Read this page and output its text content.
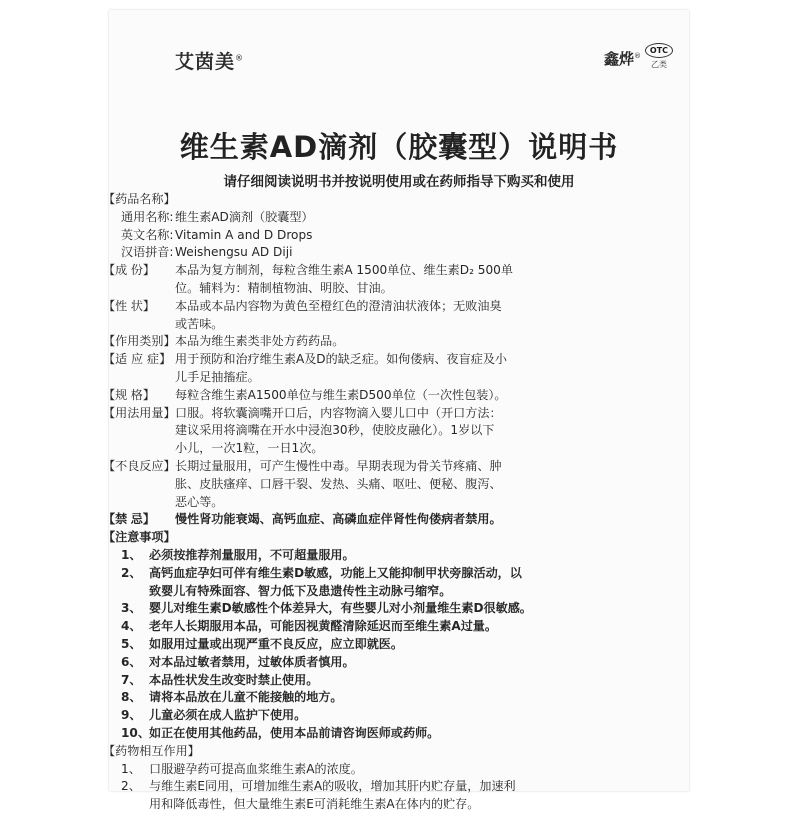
艾茵美®	鑫烨®
OTC
乙类
维生素AD滴剂（胶囊型）说明书
请仔细阅读说明书并按说明使用或在药师指导下购买和使用
【药品名称】
通用名称: 维生素AD滴剂（胶囊型）
英文名称: Vitamin A and D Drops
汉语拼音: Weishengsu AD Diji
【成 份】 本品为复方制剂，每粒含维生素A 1500单位、维生素D₂ 500单
位。辅料为：精制植物油、明胶、甘油。
【性 状】 本品或本品内容物为黄色至橙红色的澄清油状液体；无败油臭
或苦味。
【作用类别】 本品为维生素类非处方药药品。
【适 应 症】 用于预防和治疗维生素A及D的缺乏症。如佝偻病、夜盲症及小
儿手足抽搐症。
【规 格】 每粒含维生素A1500单位与维生素D500单位（一次性包装）。
【用法用量】 口服。将软囊滴嘴开口后，内容物滴入婴儿口中（开口方法：
建议采用将滴嘴在开水中浸泡30秒，使胶皮融化）。1岁以下
小儿，一次1粒，一日1次。
【不良反应】 长期过量服用，可产生慢性中毒。早期表现为骨关节疼痛、肿
胀、皮肤瘙痒、口唇干裂、发热、头痛、呕吐、便秘、腹泻、
恶心等。
【禁 忌】 慢性肾功能衰竭、高钙血症、高磷血症伴肾性佝偻病者禁用。
【注意事项】
1、 必须按推荐剂量服用，不可超量服用。
2、 高钙血症孕妇可伴有维生素D敏感，功能上又能抑制甲状旁腺活动，以
致婴儿有特殊面容、智力低下及患遗传性主动脉弓缩窄。
3、 婴儿对维生素D敏感性个体差异大，有些婴儿对小剂量维生素D很敏感。
4、 老年人长期服用本品，可能因视黄醛清除延迟而至维生素A过量。
5、 如服用过量或出现严重不良反应，应立即就医。
6、 对本品过敏者禁用，过敏体质者慎用。
7、 本品性状发生改变时禁止使用。
8、 请将本品放在儿童不能接触的地方。
9、 儿童必须在成人监护下使用。
10、 如正在使用其他药品，使用本品前请咨询医师或药师。
【药物相互作用】
1、 口服避孕药可提高血浆维生素A的浓度。
2、 与维生素E同用，可增加维生素A的吸收，增加其肝内贮存量，加速利
用和降低毒性，但大量维生素E可消耗维生素A在体内的贮存。
